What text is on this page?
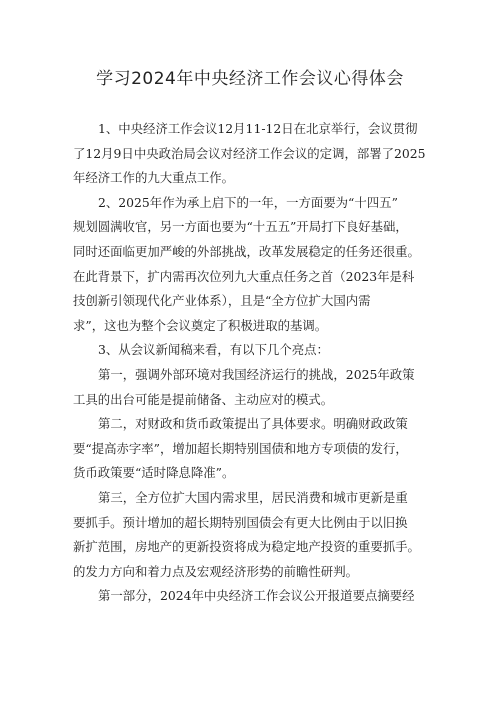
学习2024年中央经济工作会议心得体会
1、中央经济工作会议12月11-12日在北京举行，会议贯彻
了12月9日中央政治局会议对经济工作会议的定调，部署了2025
年经济工作的九大重点工作。
2、2025年作为承上启下的一年，一方面要为“十四五”
规划圆满收官，另一方面也要为“十五五”开局打下良好基础，
同时还面临更加严峻的外部挑战，改革发展稳定的任务还很重。
在此背景下，扩内需再次位列九大重点任务之首（2023年是科
技创新引领现代化产业体系），且是“全方位扩大国内需
求”，这也为整个会议奠定了积极进取的基调。
3、从会议新闻稿来看，有以下几个亮点：
第一，强调外部环境对我国经济运行的挑战，2025年政策
工具的出台可能是提前储备、主动应对的模式。
第二，对财政和货币政策提出了具体要求。明确财政政策
要“提高赤字率”，增加超长期特别国债和地方专项债的发行，
货币政策要“适时降息降准”。
第三，全方位扩大国内需求里，居民消费和城市更新是重
要抓手。预计增加的超长期特别国债会有更大比例由于以旧换
新扩范围，房地产的更新投资将成为稳定地产投资的重要抓手。
的发力方向和着力点及宏观经济形势的前瞻性研判。
第一部分，2024年中央经济工作会议公开报道要点摘要经
